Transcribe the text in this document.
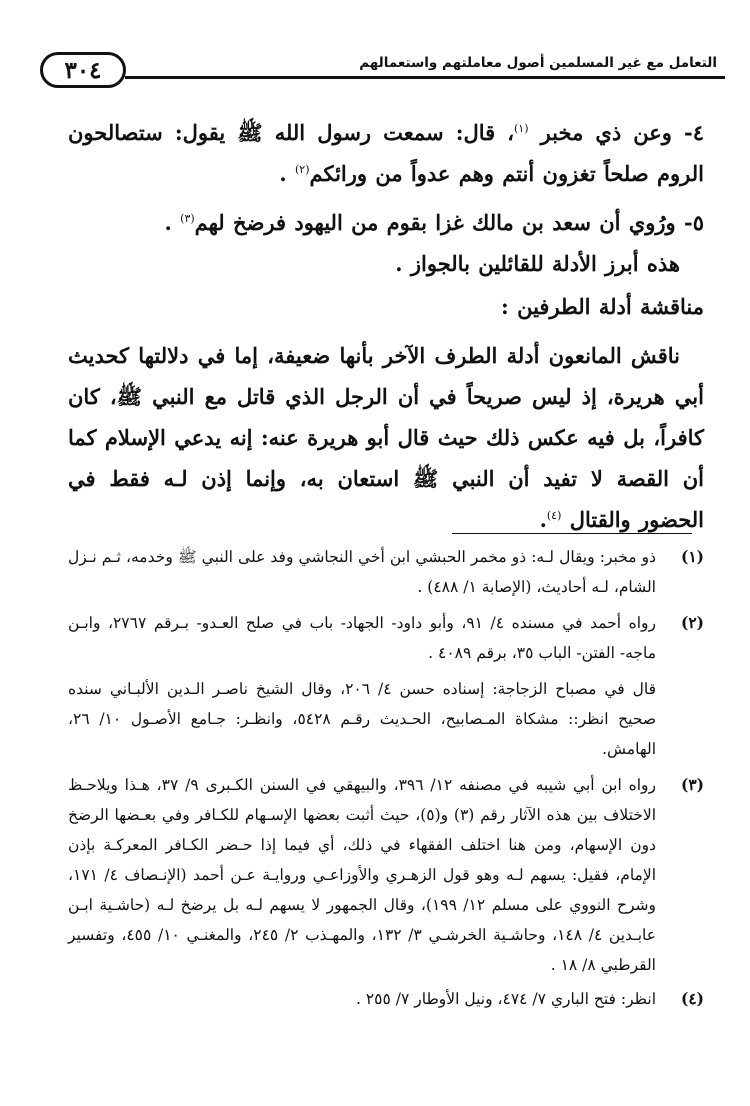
٣٠٤	التعامل مع غير المسلمين أصول معاملتهم واستعمالهم

٤- وعن ذي مخبر $^{(١)}$، قال: سمعت رسول الله ﷺ يقول: ستصالحون الروم صلحاً تغزون أنتم وهم عدواً من ورائكم$^{(٢)}$ .

٥- ورُوي أن سعد بن مالك غزا بقوم من اليهود فرضخ لهم$^{(٣)}$ .

هذه أبرز الأدلة للقائلين بالجواز .

مناقشة أدلة الطرفين :

ناقش المانعون أدلة الطرف الآخر بأنها ضعيفة، إما في دلالتها كحديث أبي هريرة، إذ ليس صريحاً في أن الرجل الذي قاتل مع النبي ﷺ، كان كافراً، بل فيه عكس ذلك حيث قال أبو هريرة عنه: إنه يدعي الإسلام كما أن القصة لا تفيد أن النبي ﷺ استعان به، وإنما إذن لـه فقط في الحضور والقتال $^{(٤)}$.

(١)
ذو مخبر: ويقال لـه: ذو مخمر الحبشي ابن أخي النجاشي وفد على النبي ﷺ وخدمه، ثـم نـزل الشام، لـه أحاديث، (الإصابة ١/ ٤٨٨) .
(٢)
رواه أحمد في مسنده ٤/ ٩١، وأبو داود- الجهاد- باب في صلح العـدو- بـرقم ٢٧٦٧، وابـن ماجه- الفتن- الباب ٣٥، برقم ٤٠٨٩ .
قال في مصباح الزجاجة: إسناده حسن ٤/ ٢٠٦، وقال الشيخ ناصـر الـدين الألبـاني سنده صحيح انظر:: مشكاة المـصابيح، الحـديث رقـم ٥٤٢٨، وانظـر: جـامع الأصـول ١٠/ ٢٦، الهامش.
(٣)
رواه ابن أبي شيبه في مصنفه ١٢/ ٣٩٦، والبيهقي في السنن الكـبرى ٩/ ٣٧، هـذا ويلاحـظ الاختلاف بين هذه الآثار رقم (٣) و(٥)، حيث أثبت بعضها الإسـهام للكـافر وفي بعـضها الرضخ دون الإسهام، ومن هنا اختلف الفقهاء في ذلك، أي فيما إذا حـضر الكـافر المعركـة بإذن الإمام، فقيل: يسهم لـه وهو قول الزهـري والأوزاعـي وروايـة عـن أحمد (الإنـصاف ٤/ ١٧١، وشرح النووي على مسلم ١٢/ ١٩٩)، وقال الجمهور لا يسهم لـه بل يرضخ لـه (حاشـية ابـن عابـدين ٤/ ١٤٨، وحاشـية الخرشـي ٣/ ١٣٢، والمهـذب ٢/ ٢٤٥، والمغنـي ١٠/ ٤٥٥، وتفسير القرطبي ٨/ ١٨ .
(٤)
انظر: فتح الباري ٧/ ٤٧٤، ونيل الأوطار ٧/ ٢٥٥ .
